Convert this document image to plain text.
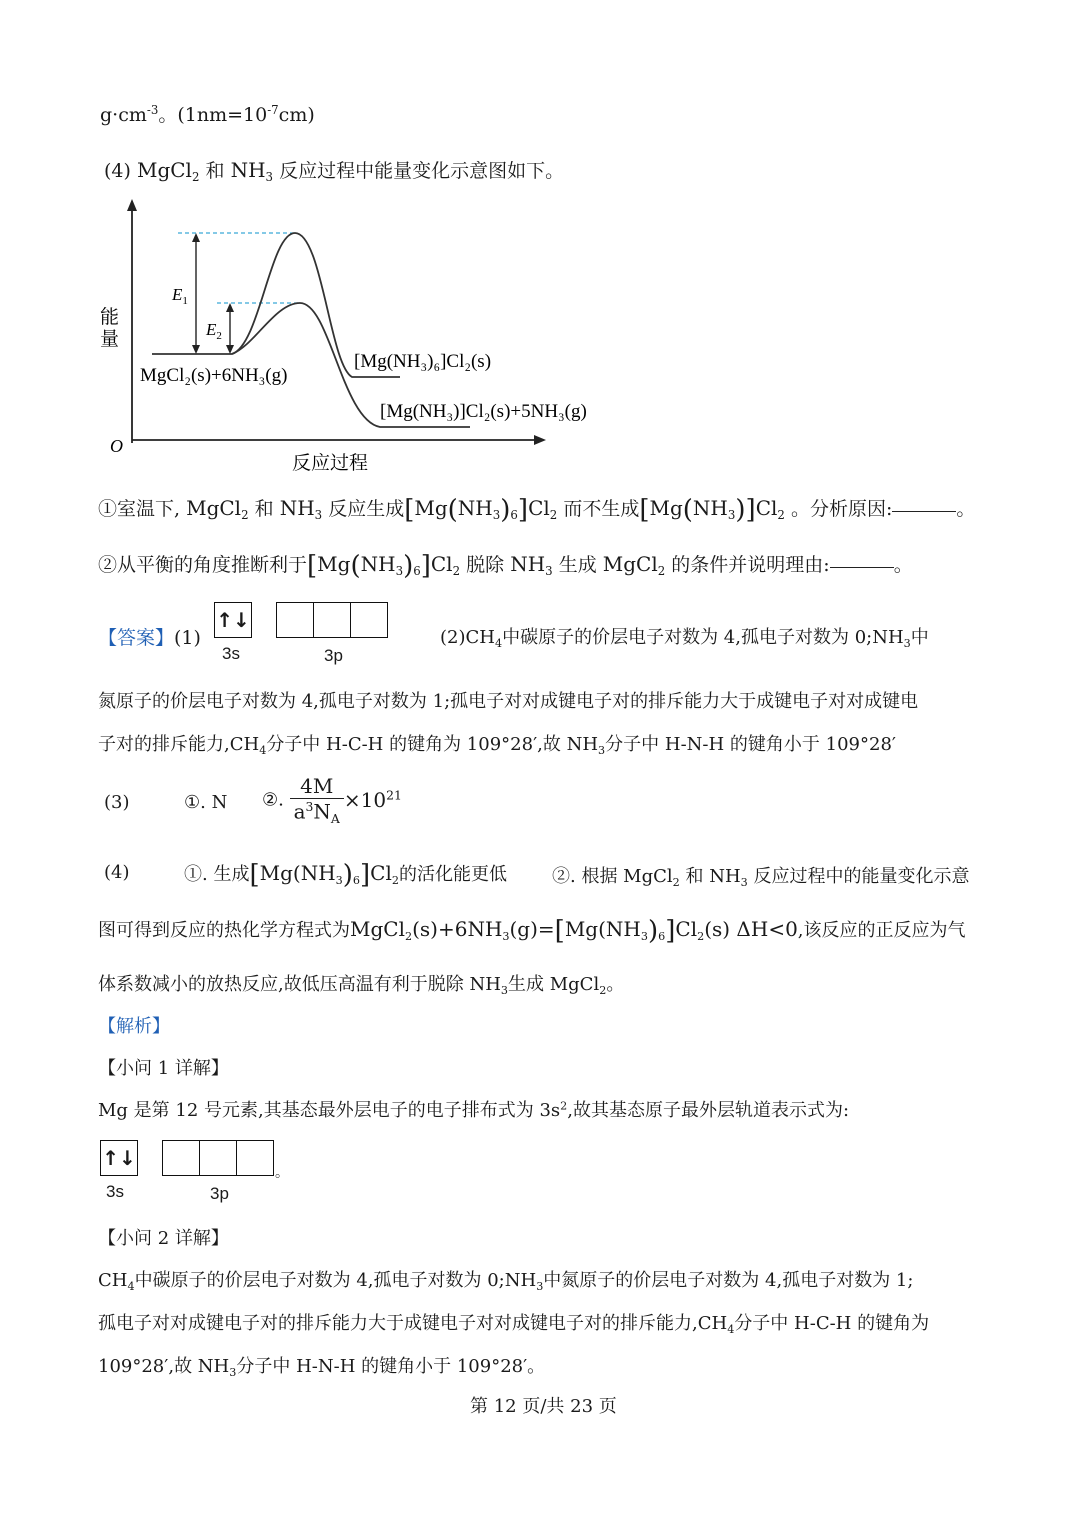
$g\cdot cm^{-3}$。$(1nm=10^{-7}cm)$
(4) MgCl$_2$ 和 $NH_3$ 反应过程中能量变化示意图如下。
$E_1$
$E_2$
能
量
MgCl₂(s)+6NH₃(g)
[Mg(NH₃)₆]Cl₂(s)
[Mg(NH₃)]Cl₂(s)+5NH₃(g)
O
反应过程
①室温下, MgCl$_2$ 和 $NH_3$ 反应生成$[Mg(NH_3)_6]Cl_2$ 而不生成$[Mg(NH_3)]Cl_2$ 。分析原因:	。
②从平衡的角度推断利于$[Mg(NH_3)_6]Cl_2$ 脱除 $NH_3$ 生成 MgCl$_2$ 的条件并说明理由:	。
【答案】(1)
↑↓
3s	3p
$(2)CH_4$中碳原子的价层电子对数为 4,孤电子对数为 $0;NH_3$中
氮原子的价层电子对数为 4,孤电子对数为 1;孤电子对对成键电子对的排斥能力大于成键电子对对成键电
子对的排斥能力$,CH_4$分子中 H-C-H 的键角为 109°28′,故 $NH_3$分子中 H-N-H 的键角小于 109°28′
(3)	①. N ②. $\frac{4M}{a^3N_A} \times 10^{21}$
(4)	①. 生成$[Mg(NH_3)_6]Cl_2$的活化能更低	②. 根据 MgCl$_2$ 和 $NH_3$ 反应过程中的能量变化示意
图可得到反应的热化学方程式为$MgCl_2(s)+6NH_3(g)=[Mg(NH_3)_6]Cl_2(s)$ ΔH<0,该反应的正反应为气
体系数减小的放热反应,故低压高温有利于脱除 $NH_3$生成 MgCl$_2$。
【解析】
【小问 1 详解】
Mg 是第 12 号元素,其基态最外层电子的电子排布式为 $3s^2$,故其基态原子最外层轨道表示式为:
↑↓
3s	3p
。
【小问 2 详解】
$CH_4$中碳原子的价层电子对数为 4,孤电子对数为 $0;NH_3$中氮原子的价层电子对数为 4,孤电子对数为 1;
孤电子对对成键电子对的排斥能力大于成键电子对对成键电子对的排斥能力$,CH_4$分子中 H-C-H 的键角为
109°28′,故 $NH_3$分子中 H-N-H 的键角小于 109°28′。
第 12 页/共 23 页
